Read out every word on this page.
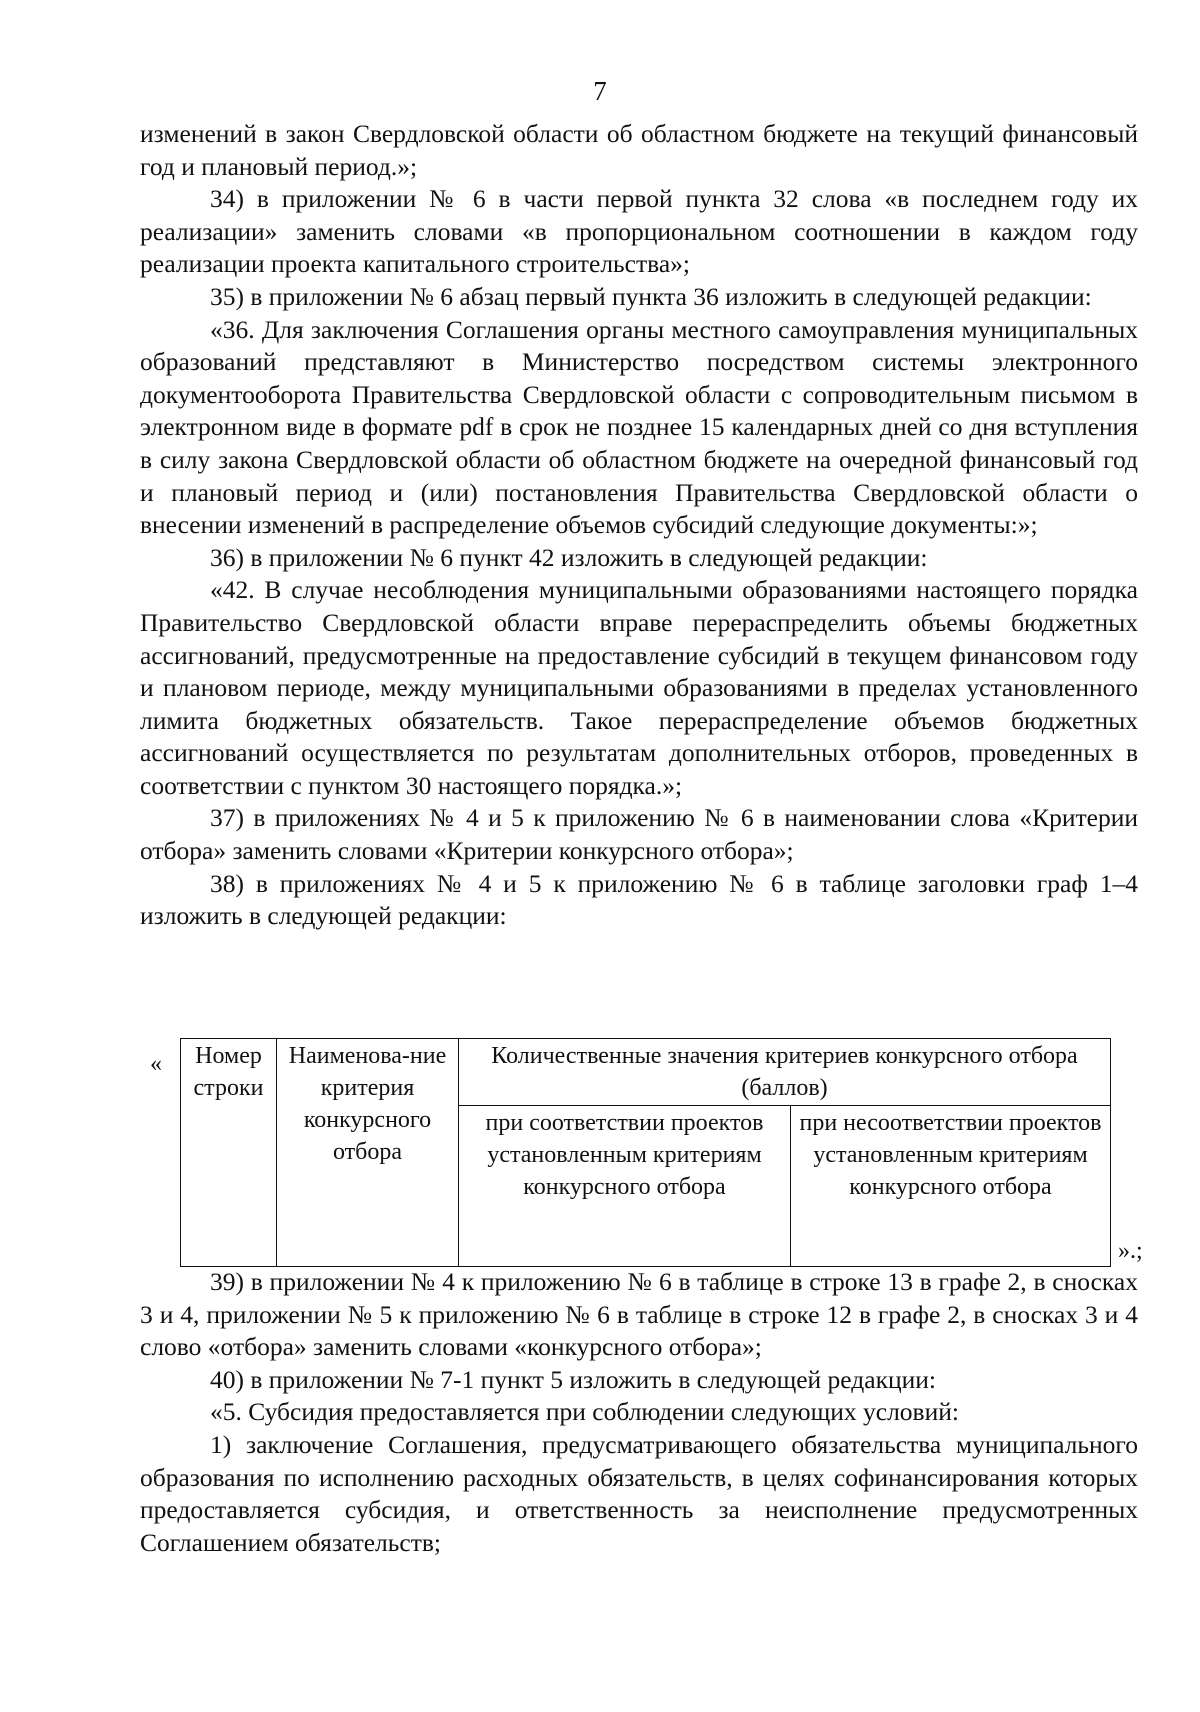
7

изменений в закон Свердловской области об областном бюджете на текущий финансовый год и плановый период.»;

34) в приложении № 6 в части первой пункта 32 слова «в последнем году их реализации» заменить словами «в пропорциональном соотношении в каждом году реализации проекта капитального строительства»;

35) в приложении № 6 абзац первый пункта 36 изложить в следующей редакции:

«36. Для заключения Соглашения органы местного самоуправления муниципальных образований представляют в Министерство посредством системы электронного документооборота Правительства Свердловской области с сопроводительным письмом в электронном виде в формате pdf в срок не позднее 15 календарных дней со дня вступления в силу закона Свердловской области об областном бюджете на очередной финансовый год и плановый период и (или) постановления Правительства Свердловской области о внесении изменений в распределение объемов субсидий следующие документы:»;

36) в приложении № 6 пункт 42 изложить в следующей редакции:

«42. В случае несоблюдения муниципальными образованиями настоящего порядка Правительство Свердловской области вправе перераспределить объемы бюджетных ассигнований, предусмотренные на предоставление субсидий в текущем финансовом году и плановом периоде, между муниципальными образованиями в пределах установленного лимита бюджетных обязательств. Такое перераспределение объемов бюджетных ассигнований осуществляется по результатам дополнительных отборов, проведенных в соответствии с пунктом 30 настоящего порядка.»;

37) в приложениях № 4 и 5 к приложению № 6 в наименовании слова «Критерии отбора» заменить словами «Критерии конкурсного отбора»;

38) в приложениях № 4 и 5 к приложению № 6 в таблице заголовки граф 1–4 изложить в следующей редакции:

« Номер строки	Наименова-ние критерия конкурсного отбора	Количественные значения критериев конкурсного отбора (баллов)	
		при соответствии проектов установленным критериям конкурсного отбора	при несоответствии проектов установленным критериям конкурсного отбора
».;

39) в приложении № 4 к приложению № 6 в таблице в строке 13 в графе 2, в сносках 3 и 4, приложении № 5 к приложению № 6 в таблице в строке 12 в графе 2, в сносках 3 и 4 слово «отбора» заменить словами «конкурсного отбора»;

40) в приложении № 7-1 пункт 5 изложить в следующей редакции:

«5. Субсидия предоставляется при соблюдении следующих условий:

1) заключение Соглашения, предусматривающего обязательства муниципального образования по исполнению расходных обязательств, в целях софинансирования которых предоставляется субсидия, и ответственность за неисполнение предусмотренных Соглашением обязательств;
